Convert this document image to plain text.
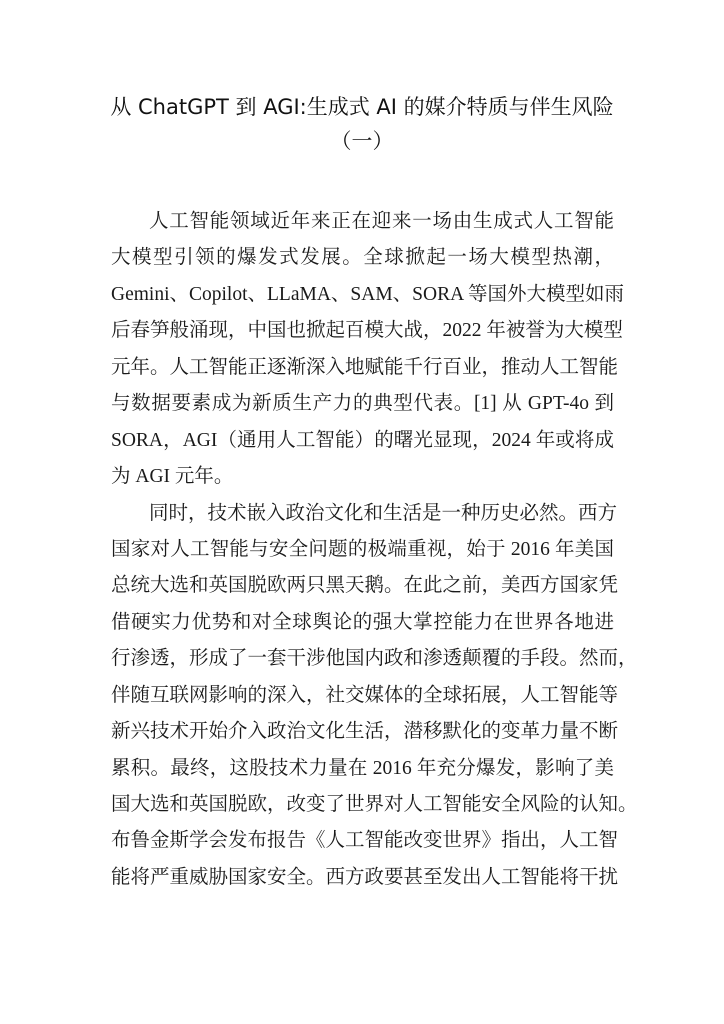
从 ChatGPT 到 AGI:生成式 AI 的媒介特质与伴生风险
（一）
人工智能领域近年来正在迎来一场由生成式人工智能
大模型引领的爆发式发展。全球掀起一场大模型热潮，
Gemini、Copilot、LLaMA、SAM、SORA 等国外大模型如雨
后春笋般涌现，中国也掀起百模大战，2022 年被誉为大模型
元年。人工智能正逐渐深入地赋能千行百业，推动人工智能
与数据要素成为新质生产力的典型代表。[1] 从 GPT-4o 到
SORA，AGI（通用人工智能）的曙光显现，2024 年或将成
为 AGI 元年。
同时，技术嵌入政治文化和生活是一种历史必然。西方
国家对人工智能与安全问题的极端重视，始于 2016 年美国
总统大选和英国脱欧两只黑天鹅。在此之前，美西方国家凭
借硬实力优势和对全球舆论的强大掌控能力在世界各地进
行渗透，形成了一套干涉他国内政和渗透颠覆的手段。然而，
伴随互联网影响的深入，社交媒体的全球拓展，人工智能等
新兴技术开始介入政治文化生活，潜移默化的变革力量不断
累积。最终，这股技术力量在 2016 年充分爆发，影响了美
国大选和英国脱欧，改变了世界对人工智能安全风险的认知。
布鲁金斯学会发布报告《人工智能改变世界》指出，人工智
能将严重威胁国家安全。西方政要甚至发出人工智能将干扰
